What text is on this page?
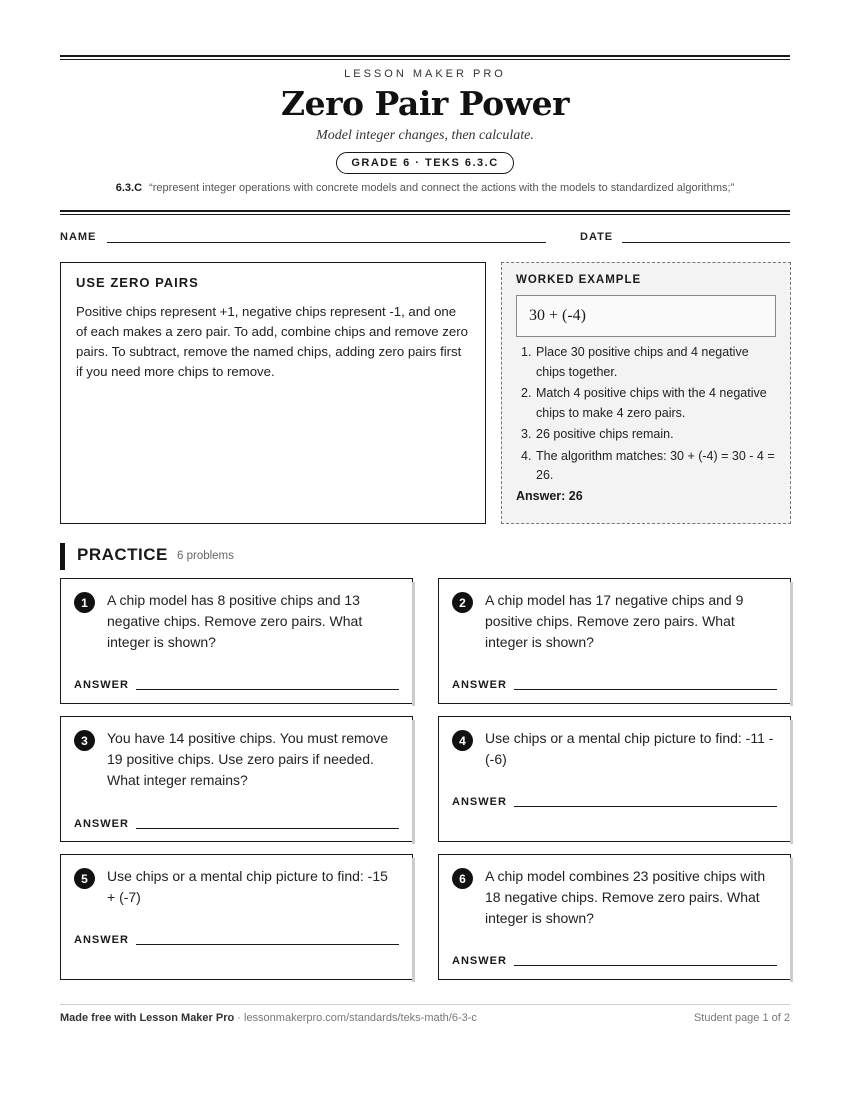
LESSON MAKER PRO
Zero Pair Power
Model integer changes, then calculate.
GRADE 6 · TEKS 6.3.C
6.3.C “represent integer operations with concrete models and connect the actions with the models to standardized algorithms;”
NAME	DATE
USE ZERO PAIRS
Positive chips represent +1, negative chips represent -1, and one of each makes a zero pair. To add, combine chips and remove zero pairs. To subtract, remove the named chips, adding zero pairs first if you need more chips to remove.
WORKED EXAMPLE
30 + (-4)
1. Place 30 positive chips and 4 negative chips together.
2. Match 4 positive chips with the 4 negative chips to make 4 zero pairs.
3. 26 positive chips remain.
4. The algorithm matches: 30 + (-4) = 30 - 4 = 26.
Answer: 26
PRACTICE 6 problems
1	A chip model has 8 positive chips and 13 negative chips. Remove zero pairs. What integer is shown?
ANSWER
2	A chip model has 17 negative chips and 9 positive chips. Remove zero pairs. What integer is shown?
ANSWER
3	You have 14 positive chips. You must remove 19 positive chips. Use zero pairs if needed. What integer remains?
ANSWER
4	Use chips or a mental chip picture to find: -11 - (-6)
ANSWER
5	Use chips or a mental chip picture to find: -15 + (-7)
ANSWER
6	A chip model combines 23 positive chips with 18 negative chips. Remove zero pairs. What integer is shown?
ANSWER
Made free with Lesson Maker Pro · lessonmakerpro.com/standards/teks-math/6-3-c	Student page 1 of 2
